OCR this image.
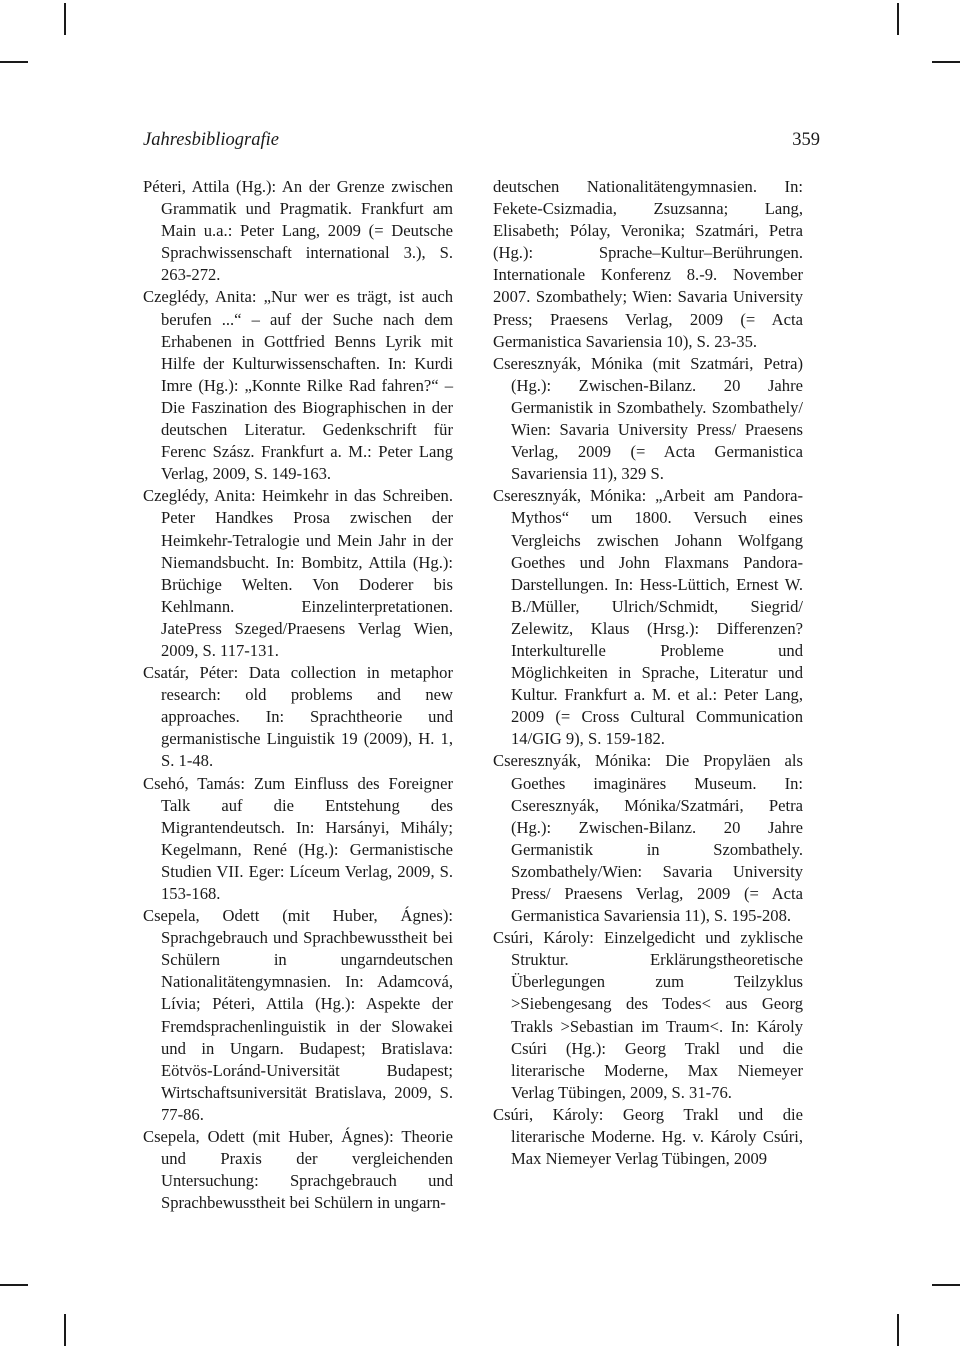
Jahresbibliografie	359

Péteri, Attila (Hg.): An der Grenze zwischen Grammatik und Pragmatik. Frankfurt am Main u.a.: Peter Lang, 2009 (= Deutsche Sprachwissenschaft international 3.), S. 263-272.

Czeglédy, Anita: „Nur wer es trägt, ist auch berufen ...“ – auf der Suche nach dem Erhabenen in Gottfried Benns Lyrik mit Hilfe der Kulturwissenschaften. In: Kurdi Imre (Hg.): „Konnte Rilke Rad fahren?“ – Die Faszination des Biographischen in der deutschen Literatur. Gedenkschrift für Ferenc Szász. Frankfurt a. M.: Peter Lang Verlag, 2009, S. 149-163.

Czeglédy, Anita: Heimkehr in das Schreiben. Peter Handkes Prosa zwischen der Heimkehr-Tetralogie und Mein Jahr in der Niemandsbucht. In: Bombitz, Attila (Hg.): Brüchige Welten. Von Doderer bis Kehlmann. Einzelinterpretationen. JatePress Szeged/Praesens Verlag Wien, 2009, S. 117-131.

Csatár, Péter: Data collection in metaphor research: old problems and new approaches. In: Sprachtheorie und germanistische Linguistik 19 (2009), H. 1, S. 1-48.

Csehó, Tamás: Zum Einfluss des Foreigner Talk auf die Entstehung des Migrantendeutsch. In: Harsányi, Mihály; Kegelmann, René (Hg.): Germanistische Studien VII. Eger: Líceum Verlag, 2009, S. 153-168.

Csepela, Odett (mit Huber, Ágnes): Sprachgebrauch und Sprachbewusstheit bei Schülern in ungarndeutschen Nationalitätengymnasien. In: Adamcová, Lívia; Péteri, Attila (Hg.): Aspekte der Fremdsprachenlinguistik in der Slowakei und in Ungarn. Budapest; Bratislava: Eötvös-Loránd-Universität Budapest; Wirtschaftsuniversität Bratislava, 2009, S. 77-86.

Csepela, Odett (mit Huber, Ágnes): Theorie und Praxis der vergleichenden Untersuchung: Sprachgebrauch und Sprachbewusstheit bei Schülern in ungarn-

deutschen Nationalitätengymnasien. In: Fekete-Csizmadia, Zsuzsanna; Lang, Elisabeth; Pólay, Veronika; Szatmári, Petra (Hg.): Sprache–Kultur–Berührungen. Internationale Konferenz 8.-9. November 2007. Szombathely; Wien: Savaria University Press; Praesens Verlag, 2009 (= Acta Germanistica Savariensia 10), S. 23-35.

Cseresznyák, Mónika (mit Szatmári, Petra) (Hg.): Zwischen-Bilanz. 20 Jahre Germanistik in Szombathely. Szombathely/ Wien: Savaria University Press/ Praesens Verlag, 2009 (= Acta Germanistica Savariensia 11), 329 S.

Cseresznyák, Mónika: „Arbeit am Pandora-Mythos“ um 1800. Versuch eines Vergleichs zwischen Johann Wolfgang Goethes und John Flaxmans Pandora-Darstellungen. In: Hess-Lüttich, Ernest W. B./Müller, Ulrich/Schmidt, Siegrid/ Zelewitz, Klaus (Hrsg.): Differenzen? Interkulturelle Probleme und Möglichkeiten in Sprache, Literatur und Kultur. Frankfurt a. M. et al.: Peter Lang, 2009 (= Cross Cultural Communication 14/GIG 9), S. 159-182.

Cseresznyák, Mónika: Die Propyläen als Goethes imaginäres Museum. In: Cseresznyák, Mónika/Szatmári, Petra (Hg.): Zwischen-Bilanz. 20 Jahre Germanistik in Szombathely. Szombathely/Wien: Savaria University Press/ Praesens Verlag, 2009 (= Acta Germanistica Savariensia 11), S. 195-208.

Csúri, Károly: Einzelgedicht und zyklische Struktur. Erklärungstheoretische Überlegungen zum Teilzyklus >Siebengesang des Todes< aus Georg Trakls >Sebastian im Traum<. In: Károly Csúri (Hg.): Georg Trakl und die literarische Moderne, Max Niemeyer Verlag Tübingen, 2009, S. 31-76.

Csúri, Károly: Georg Trakl und die literarische Moderne. Hg. v. Károly Csúri, Max Niemeyer Verlag Tübingen, 2009
